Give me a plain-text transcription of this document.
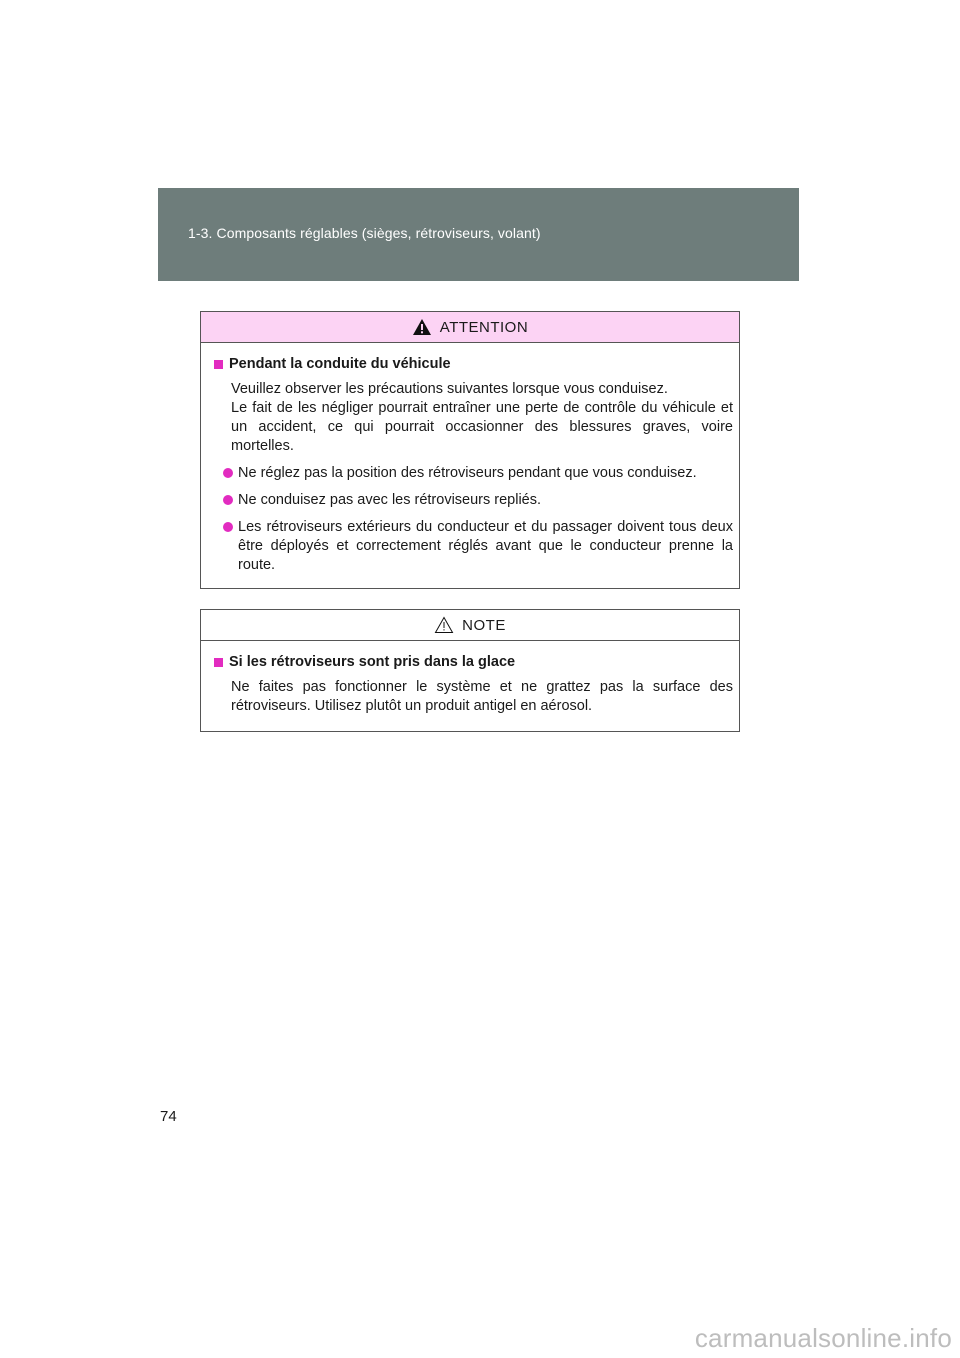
1-3. Composants réglables (sièges, rétroviseurs, volant)
ATTENTION
Pendant la conduite du véhicule
Veuillez observer les précautions suivantes lorsque vous conduisez.
Le fait de les négliger pourrait entraîner une perte de contrôle du véhicule et un accident, ce qui pourrait occasionner des blessures graves, voire mortelles.
Ne réglez pas la position des rétroviseurs pendant que vous conduisez.
Ne conduisez pas avec les rétroviseurs repliés.
Les rétroviseurs extérieurs du conducteur et du passager doivent tous deux être déployés et correctement réglés avant que le conducteur prenne la route.
NOTE
Si les rétroviseurs sont pris dans la glace
Ne faites pas fonctionner le système et ne grattez pas la surface des rétroviseurs. Utilisez plutôt un produit antigel en aérosol.
74
carmanualsonline.info
